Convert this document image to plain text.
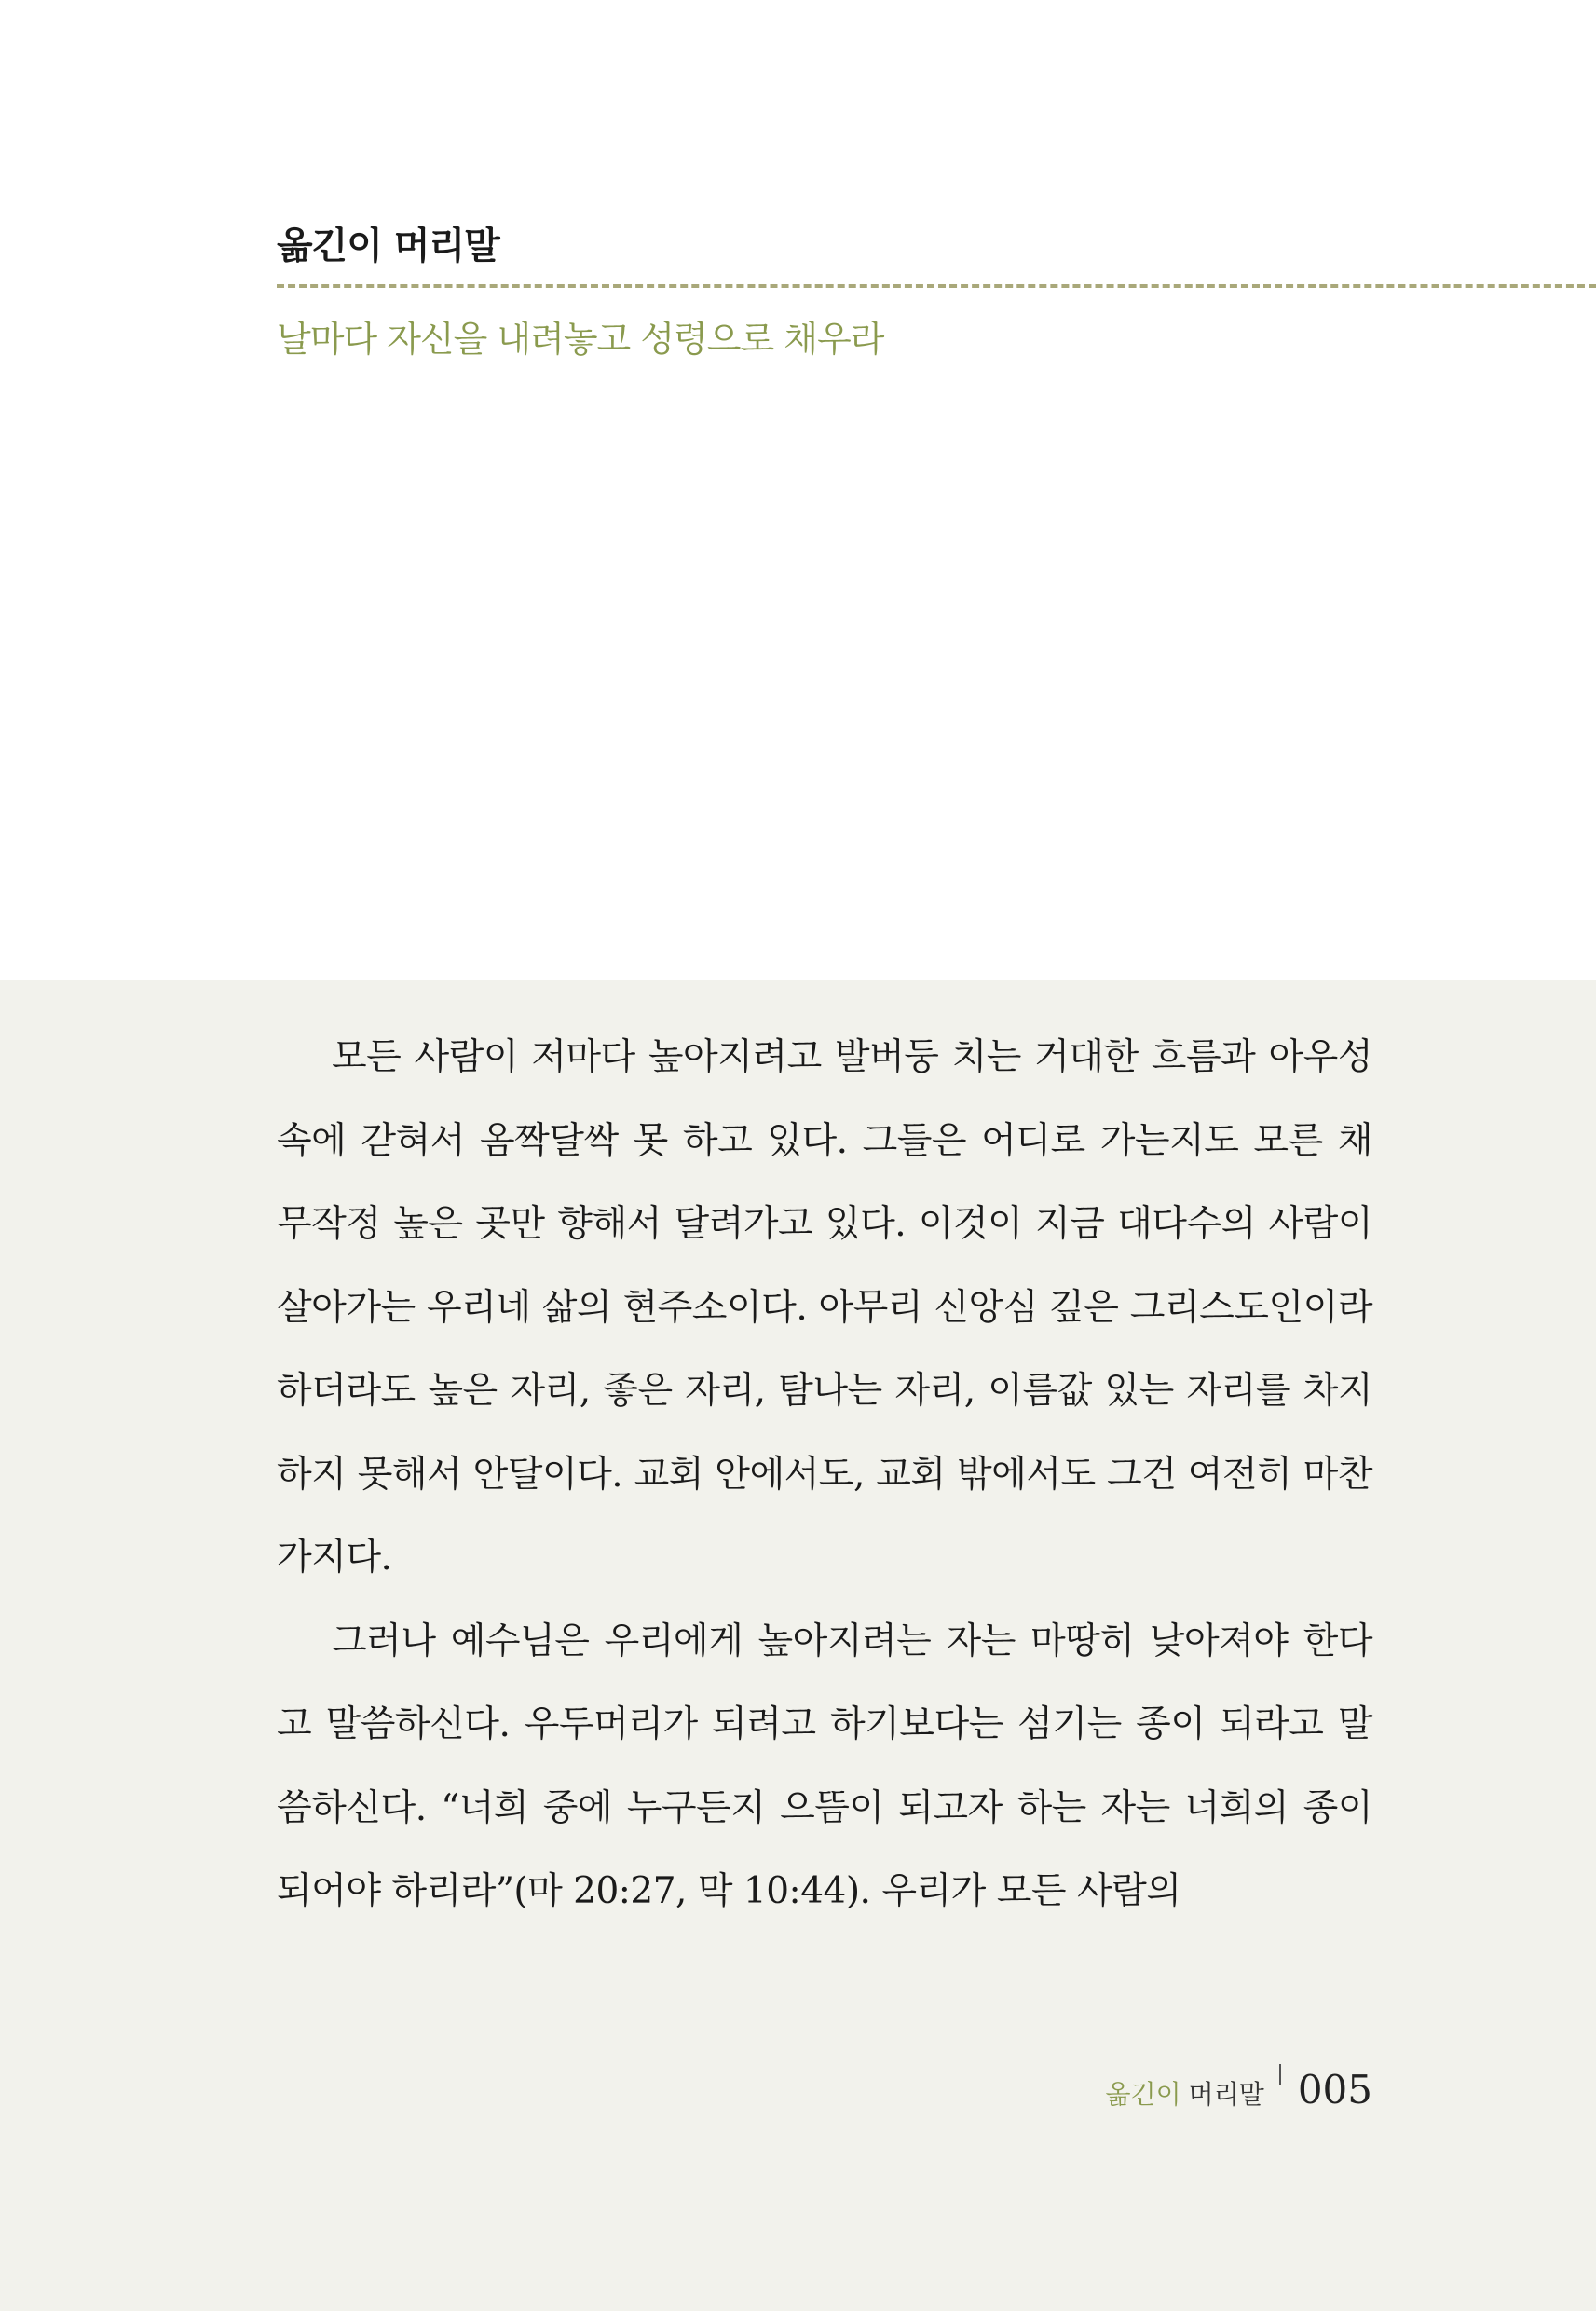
옮긴이 머리말
날마다 자신을 내려놓고 성령으로 채우라

모든 사람이 저마다 높아지려고 발버둥 치는 거대한 흐름과 아우성 속에 갇혀서 옴짝달싹 못 하고 있다. 그들은 어디로 가는지도 모른 채 무작정 높은 곳만 향해서 달려가고 있다. 이것이 지금 대다수의 사람이 살아가는 우리네 삶의 현주소이다. 아무리 신앙심 깊은 그리스도인이라 하더라도 높은 자리, 좋은 자리, 탐나는 자리, 이름값 있는 자리를 차지하지 못해서 안달이다. 교회 안에서도, 교회 밖에서도 그건 여전히 마찬가지다.

그러나 예수님은 우리에게 높아지려는 자는 마땅히 낮아져야 한다고 말씀하신다. 우두머리가 되려고 하기보다는 섬기는 종이 되라고 말씀하신다. “너희 중에 누구든지 으뜸이 되고자 하는 자는 너희의 종이 되어야 하리라”(마 20:27, 막 10:44). 우리가 모든 사람의

옮긴이 머리말 005
